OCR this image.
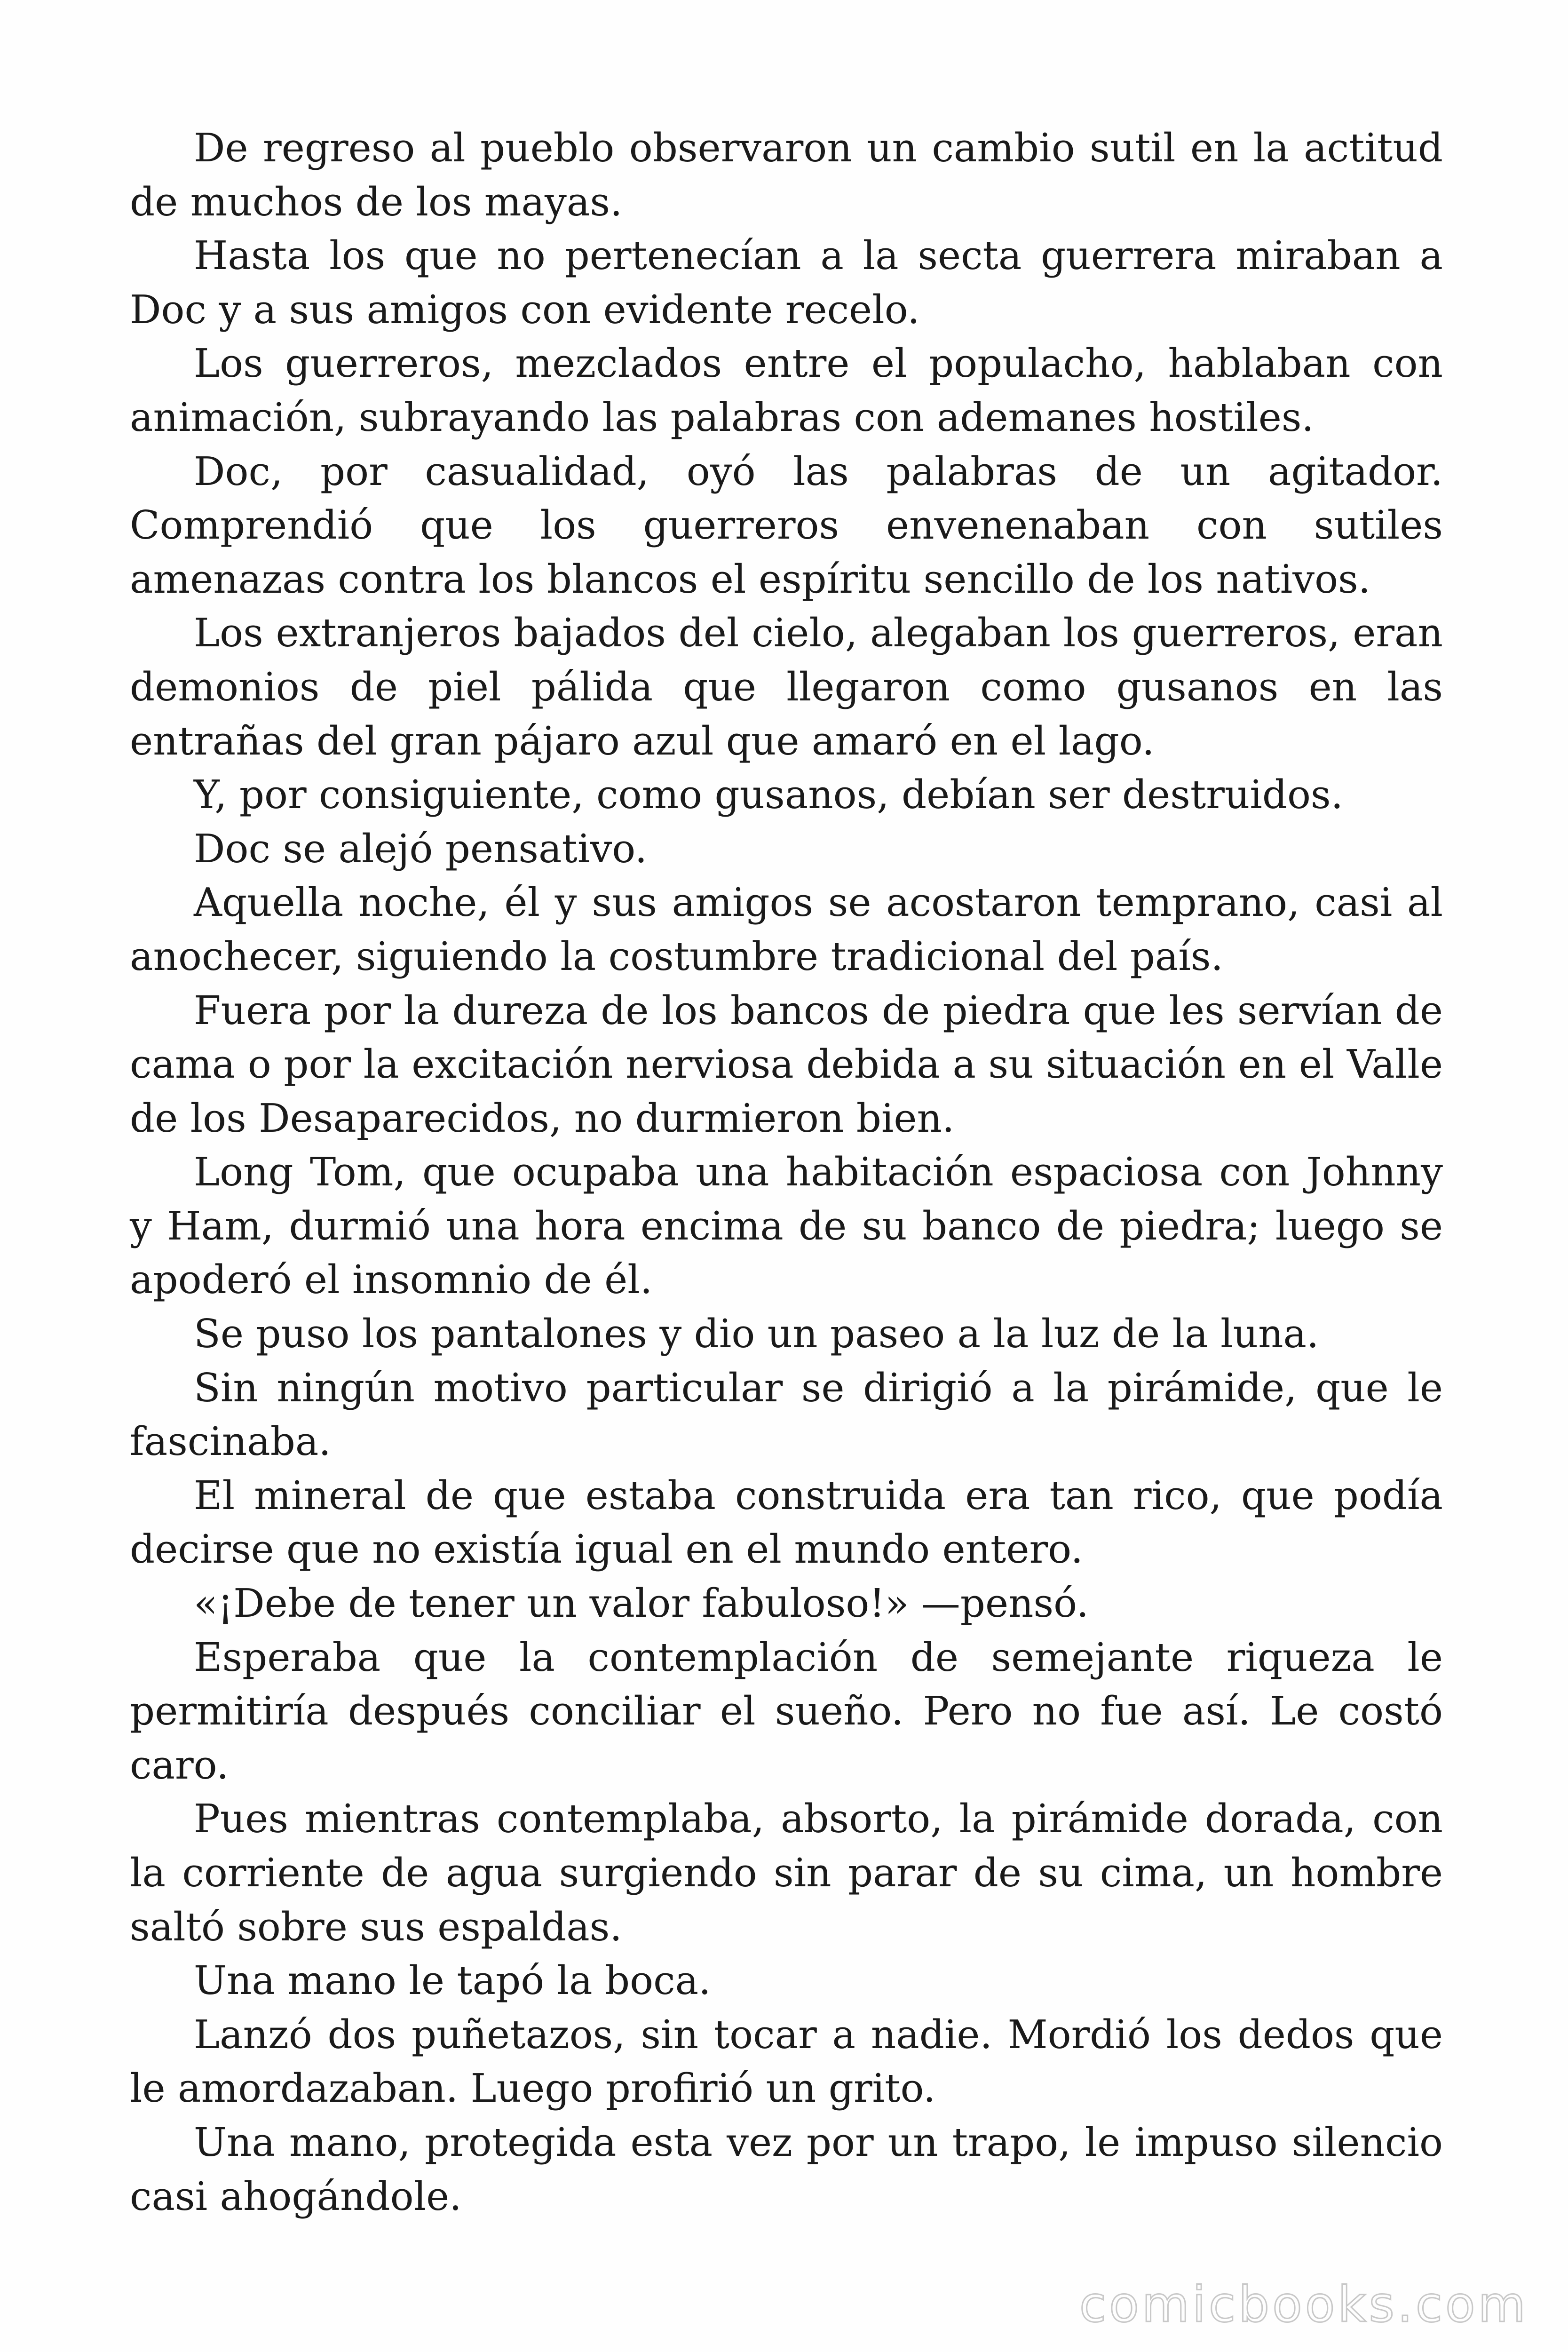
De regreso al pueblo observaron un cambio sutil en la actitud de muchos de los mayas.

Hasta los que no pertenecían a la secta guerrera miraban a Doc y a sus amigos con evidente recelo.

Los guerreros, mezclados entre el populacho, hablaban con animación, subrayando las palabras con ademanes hostiles.

Doc, por casualidad, oyó las palabras de un agitador. Comprendió que los guerreros envenenaban con sutiles amenazas contra los blancos el espíritu sencillo de los nativos.

Los extranjeros bajados del cielo, alegaban los guerreros, eran demonios de piel pálida que llegaron como gusanos en las entrañas del gran pájaro azul que amaró en el lago.

Y, por consiguiente, como gusanos, debían ser destruidos.

Doc se alejó pensativo.

Aquella noche, él y sus amigos se acostaron temprano, casi al anochecer, siguiendo la costumbre tradicional del país.

Fuera por la dureza de los bancos de piedra que les servían de cama o por la excitación nerviosa debida a su situación en el Valle de los Desaparecidos, no durmieron bien.

Long Tom, que ocupaba una habitación espaciosa con Johnny y Ham, durmió una hora encima de su banco de piedra; luego se apoderó el insomnio de él.

Se puso los pantalones y dio un paseo a la luz de la luna.

Sin ningún motivo particular se dirigió a la pirámide, que le fascinaba.

El mineral de que estaba construida era tan rico, que podía decirse que no existía igual en el mundo entero.

«¡Debe de tener un valor fabuloso!» —pensó.

Esperaba que la contemplación de semejante riqueza le permitiría después conciliar el sueño. Pero no fue así. Le costó caro.

Pues mientras contemplaba, absorto, la pirámide dorada, con la corriente de agua surgiendo sin parar de su cima, un hombre saltó sobre sus espaldas.

Una mano le tapó la boca.

Lanzó dos puñetazos, sin tocar a nadie. Mordió los dedos que le amordazaban. Luego profirió un grito.

Una mano, protegida esta vez por un trapo, le impuso silencio casi ahogándole.

comicbooks.com
